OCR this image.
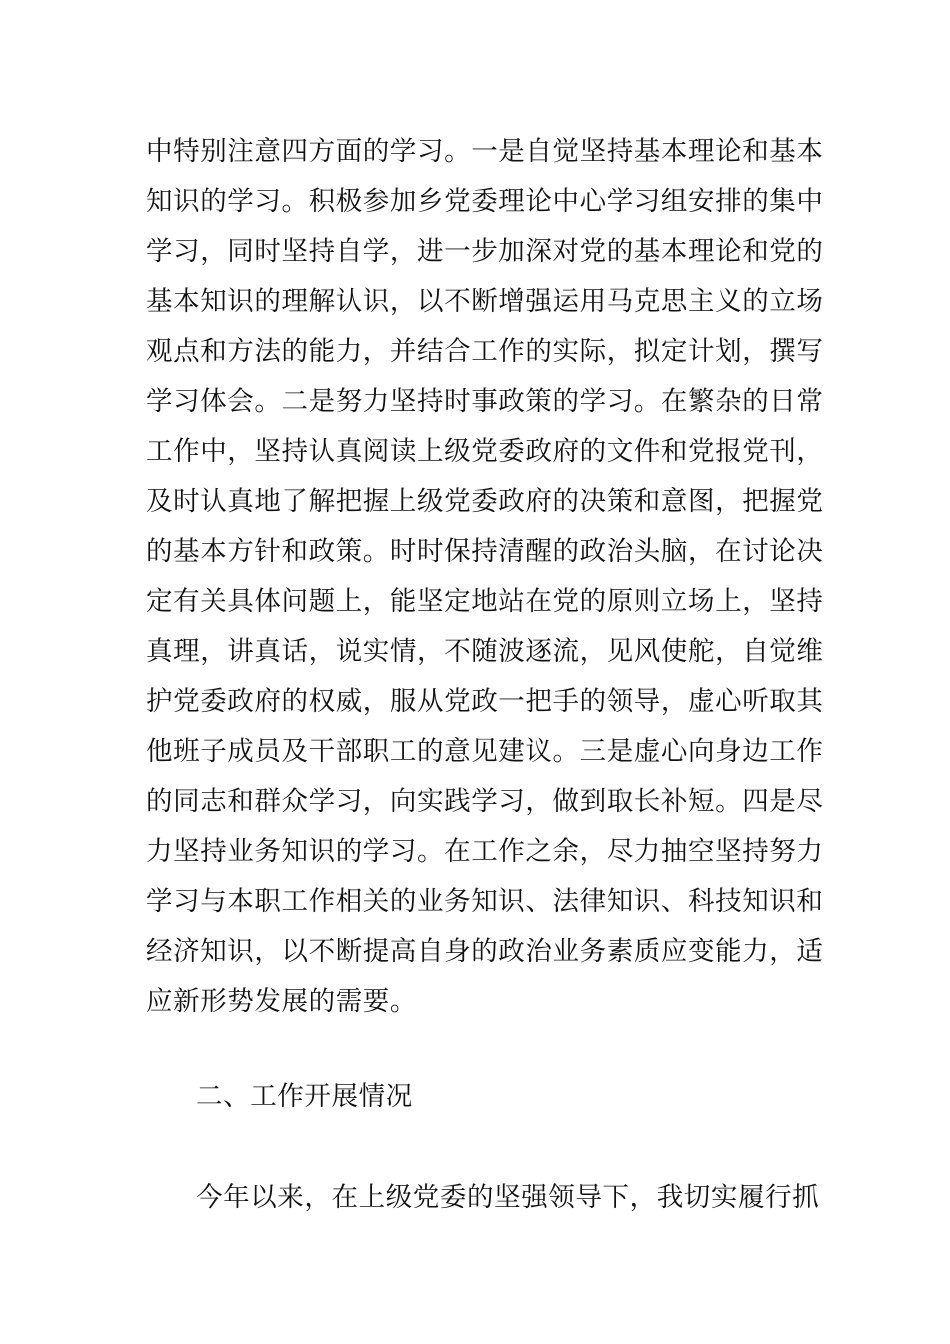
中特别注意四方面的学习。一是自觉坚持基本理论和基本
知识的学习。积极参加乡党委理论中心学习组安排的集中
学习，同时坚持自学，进一步加深对党的基本理论和党的
基本知识的理解认识，以不断增强运用马克思主义的立场
观点和方法的能力，并结合工作的实际，拟定计划，撰写
学习体会。二是努力坚持时事政策的学习。在繁杂的日常
工作中，坚持认真阅读上级党委政府的文件和党报党刊，
及时认真地了解把握上级党委政府的决策和意图，把握党
的基本方针和政策。时时保持清醒的政治头脑，在讨论决
定有关具体问题上，能坚定地站在党的原则立场上，坚持
真理，讲真话，说实情，不随波逐流，见风使舵，自觉维
护党委政府的权威，服从党政一把手的领导，虚心听取其
他班子成员及干部职工的意见建议。三是虚心向身边工作
的同志和群众学习，向实践学习，做到取长补短。四是尽
力坚持业务知识的学习。在工作之余，尽力抽空坚持努力
学习与本职工作相关的业务知识、法律知识、科技知识和
经济知识，以不断提高自身的政治业务素质应变能力，适
应新形势发展的需要。
二、工作开展情况
今年以来，在上级党委的坚强领导下，我切实履行抓
